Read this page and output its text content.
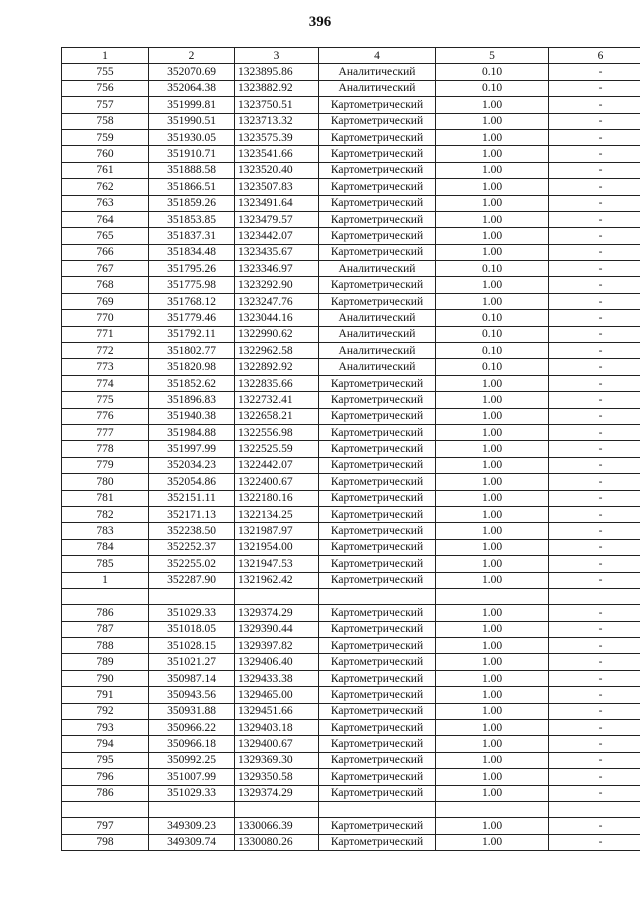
396
1	2	3	4	5	6
755	352070.69	1323895.86	Аналитический	0.10	-
756	352064.38	1323882.92	Аналитический	0.10	-
757	351999.81	1323750.51	Картометрический	1.00	-
758	351990.51	1323713.32	Картометрический	1.00	-
759	351930.05	1323575.39	Картометрический	1.00	-
760	351910.71	1323541.66	Картометрический	1.00	-
761	351888.58	1323520.40	Картометрический	1.00	-
762	351866.51	1323507.83	Картометрический	1.00	-
763	351859.26	1323491.64	Картометрический	1.00	-
764	351853.85	1323479.57	Картометрический	1.00	-
765	351837.31	1323442.07	Картометрический	1.00	-
766	351834.48	1323435.67	Картометрический	1.00	-
767	351795.26	1323346.97	Аналитический	0.10	-
768	351775.98	1323292.90	Картометрический	1.00	-
769	351768.12	1323247.76	Картометрический	1.00	-
770	351779.46	1323044.16	Аналитический	0.10	-
771	351792.11	1322990.62	Аналитический	0.10	-
772	351802.77	1322962.58	Аналитический	0.10	-
773	351820.98	1322892.92	Аналитический	0.10	-
774	351852.62	1322835.66	Картометрический	1.00	-
775	351896.83	1322732.41	Картометрический	1.00	-
776	351940.38	1322658.21	Картометрический	1.00	-
777	351984.88	1322556.98	Картометрический	1.00	-
778	351997.99	1322525.59	Картометрический	1.00	-
779	352034.23	1322442.07	Картометрический	1.00	-
780	352054.86	1322400.67	Картометрический	1.00	-
781	352151.11	1322180.16	Картометрический	1.00	-
782	352171.13	1322134.25	Картометрический	1.00	-
783	352238.50	1321987.97	Картометрический	1.00	-
784	352252.37	1321954.00	Картометрический	1.00	-
785	352255.02	1321947.53	Картометрический	1.00	-
1	352287.90	1321962.42	Картометрический	1.00	-

786	351029.33	1329374.29	Картометрический	1.00	-
787	351018.05	1329390.44	Картометрический	1.00	-
788	351028.15	1329397.82	Картометрический	1.00	-
789	351021.27	1329406.40	Картометрический	1.00	-
790	350987.14	1329433.38	Картометрический	1.00	-
791	350943.56	1329465.00	Картометрический	1.00	-
792	350931.88	1329451.66	Картометрический	1.00	-
793	350966.22	1329403.18	Картометрический	1.00	-
794	350966.18	1329400.67	Картометрический	1.00	-
795	350992.25	1329369.30	Картометрический	1.00	-
796	351007.99	1329350.58	Картометрический	1.00	-
786	351029.33	1329374.29	Картометрический	1.00	-

797	349309.23	1330066.39	Картометрический	1.00	-
798	349309.74	1330080.26	Картометрический	1.00	-
